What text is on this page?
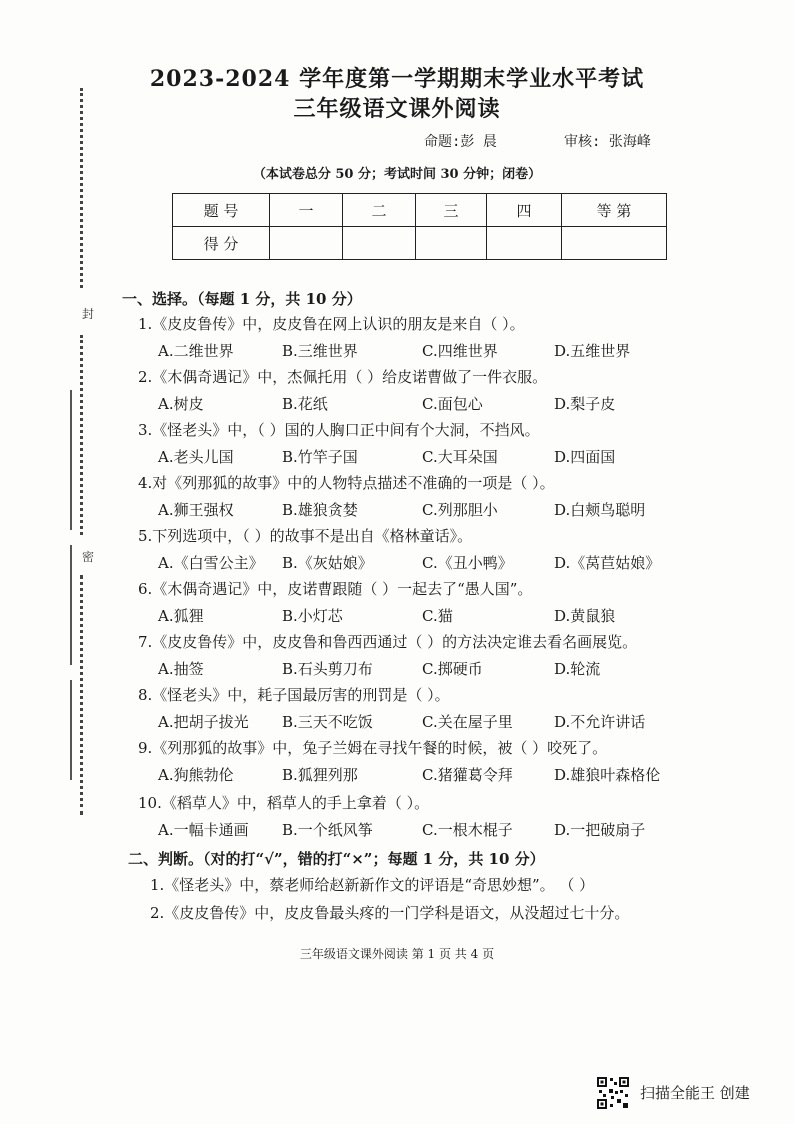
封
密
2023-2024 学年度第一学期期末学业水平考试
三年级语文课外阅读
命题:彭 晨	审核: 张海峰
（本试卷总分 50 分；考试时间 30 分钟；闭卷）
题 号	一	二	三	四	等 第
得 分					
一、选择。（每题 1 分，共 10 分）
1.《皮皮鲁传》中，皮皮鲁在网上认识的朋友是来自（ ）。
A.二维世界	B.三维世界	C.四维世界	D.五维世界
2.《木偶奇遇记》中，杰佩托用（ ）给皮诺曹做了一件衣服。
A.树皮	B.花纸	C.面包心	D.梨子皮
3.《怪老头》中，（ ）国的人胸口正中间有个大洞，不挡风。
A.老头儿国	B.竹竿子国	C.大耳朵国	D.四面国
4.对《列那狐的故事》中的人物特点描述不准确的一项是（ ）。
A.狮王强权	B.雄狼贪婪	C.列那胆小	D.白颊鸟聪明
5.下列选项中，（ ）的故事不是出自《格林童话》。
A.《白雪公主》 B.《灰姑娘》	C.《丑小鸭》	D.《莴苣姑娘》
6.《木偶奇遇记》中，皮诺曹跟随（ ）一起去了“愚人国”。
A.狐狸	B.小灯芯	C.猫	D.黄鼠狼
7.《皮皮鲁传》中，皮皮鲁和鲁西西通过（ ）的方法决定谁去看名画展览。
A.抽签	B.石头剪刀布	C.掷硬币	D.轮流
8.《怪老头》中，耗子国最厉害的刑罚是（ ）。
A.把胡子拔光 B.三天不吃饭	C.关在屋子里	D.不允许讲话
9.《列那狐的故事》中，兔子兰姆在寻找午餐的时候，被（ ）咬死了。
A.狗熊勃伦	B.狐狸列那	C.猪獾葛令拜	D.雄狼叶森格伦
10.《稻草人》中，稻草人的手上拿着（ ）。
A.一幅卡通画 B.一个纸风筝	C.一根木棍子	D.一把破扇子
二、判断。（对的打“√”，错的打“×”；每题 1 分，共 10 分）
1.《怪老头》中，蔡老师给赵新新作文的评语是“奇思妙想”。 （ ）
2.《皮皮鲁传》中，皮皮鲁最头疼的一门学科是语文，从没超过七十分。
三年级语文课外阅读 第 1 页 共 4 页
扫描全能王 创建
